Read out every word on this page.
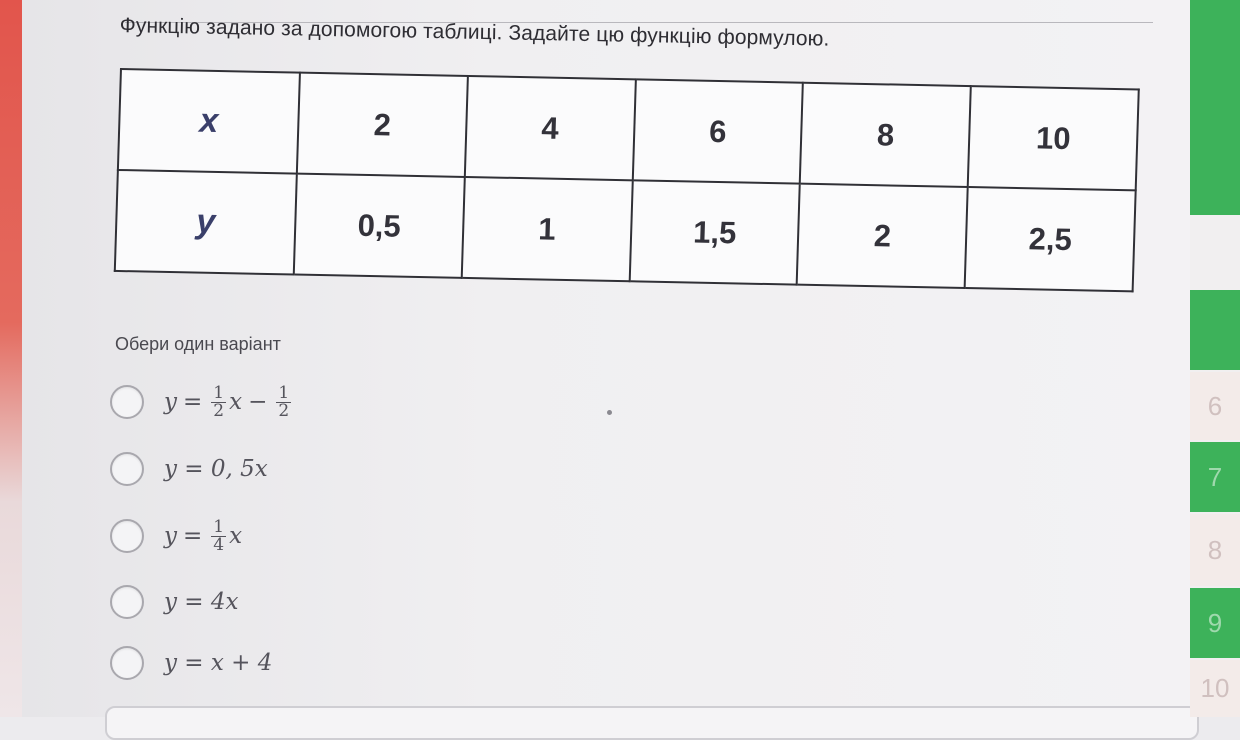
Функцію задано за допомогою таблиці. Задайте цю функцію формулою.
x	2	4	6	8	10
y	0,5	1	1,5	2	2,5
Обери один варіант
$y = \frac{1}{2}$ $x - \frac{1}{2}$
y = 0, 5x
$y = \frac{1}{4}$ x
y = 4x
y = x + 4
6
7
8
9
10
